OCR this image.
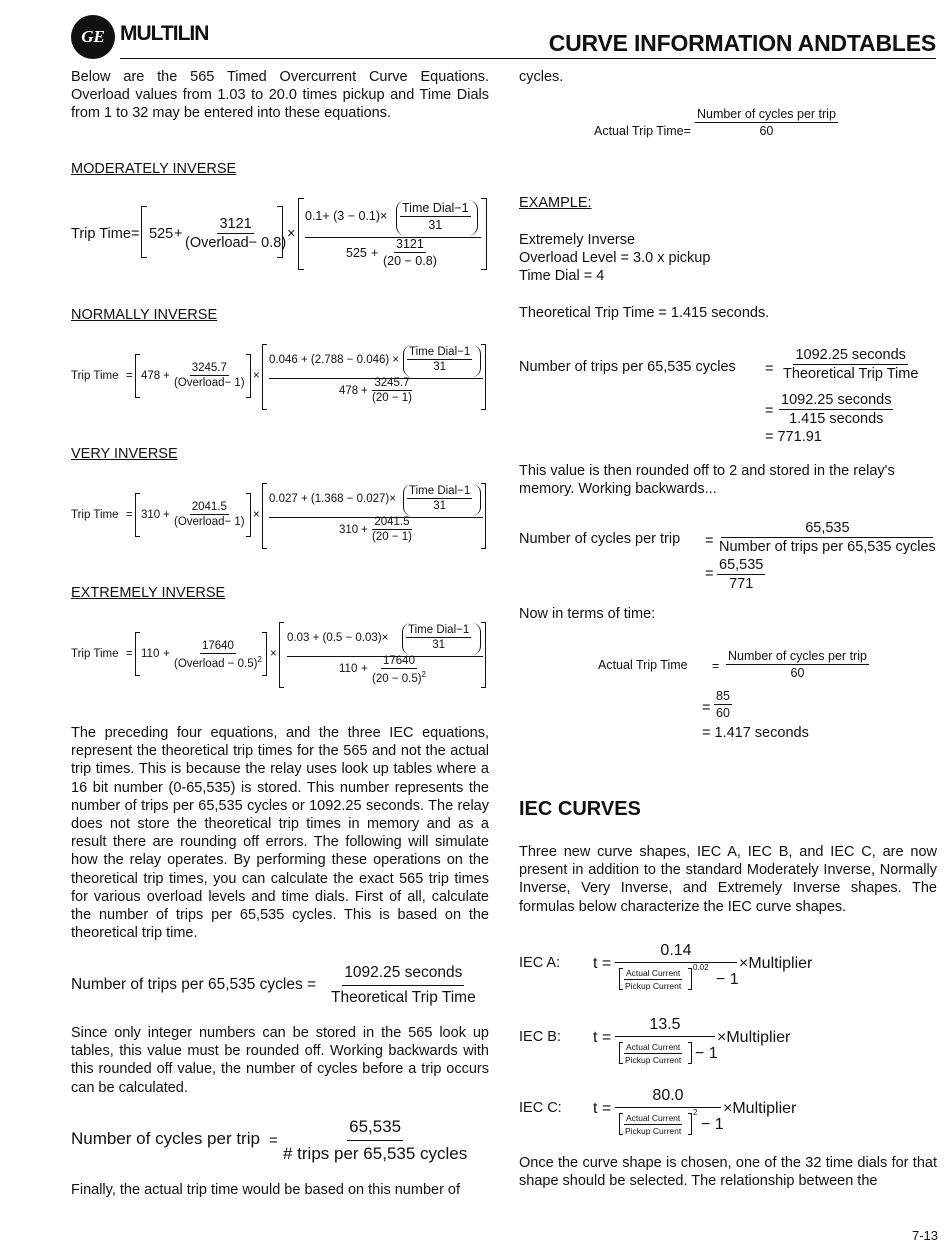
GE MULTILIN	CURVE INFORMATION ANDTABLES
Below are the 565 Timed Overcurrent Curve Equations. Overload values from 1.03 to 20.0 times pickup and Time Dials from 1 to 32 may be entered into these equations.
MODERATELY INVERSE
Trip Time = $525 + \frac{3121}{\text{(Overload− 0.8)}}$
×
0.1+ (3 − 0.1)×
Time Dial−1
31
$525 + \frac{3121}{(20 - 0.8)}$
NORMALLY INVERSE
Trip Time = $478 + \frac{3245.7}{\text{(Overload− 1)}}$ ×
0.046 + (2.788 − 0.046) ×
Time Dial−1
31
$478 + \frac{3245.7}{(20 - 1)}$
VERY INVERSE
Trip Time = $310 + \frac{2041.5}{\text{(Overload− 1)}}$ ×
0.027 + (1.368 − 0.027)×
Time Dial−1
31
$310 + \frac{2041.5}{(20 - 1)}$
EXTREMELY INVERSE
Trip Time = $110 + \frac{17640}{(Overload - 0.5)^2}$ ×
0.03 + (0.5 − 0.03)×
Time Dial−1
31
$110 + \frac{17640}{(20 - 0.5)^2}$
The preceding four equations, and the three IEC equations, represent the theoretical trip times for the 565 and not the actual trip times. This is because the relay uses look up tables where a 16 bit number (0-65,535) is stored. This number represents the number of trips per 65,535 cycles or 1092.25 seconds. The relay does not store the theoretical trip times in memory and as a result there are rounding off errors. The following will simulate how the relay operates. By performing these operations on the theoretical trip times, you can calculate the exact 565 trip times for various overload levels and time dials. First of all, calculate the number of trips per 65,535 cycles. This is based on the theoretical trip time.
Number of trips per 65,535 cycles = $\frac{\text{1092.25 seconds}}{\text{Theoretical Trip Time}}$
Since only integer numbers can be stored in the 565 look up tables, this value must be rounded off. Working backwards with this rounded off value, the number of cycles before a trip occurs can be calculated.
Number of cycles per trip = $\frac{65,535}{\text{\# trips per 65,535 cycles}}$
Finally, the actual trip time would be based on this number of
cycles.
Actual Trip Time= $\frac{\text{Number of cycles per trip}}{60}$
EXAMPLE:
Extremely Inverse
Overload Level = 3.0 x pickup
Time Dial = 4
Theoretical Trip Time = 1.415 seconds.
Number of trips per 65,535 cycles = $\frac{\text{1092.25 seconds}}{\text{Theoretical Trip Time}}$
= $\frac{\text{1092.25 seconds}}{\text{1.415 seconds}}$
= 771.91
This value is then rounded off to 2 and stored in the relay's memory. Working backwards...
Number of cycles per trip = $\frac{65,535}{\text{Number of trips per 65,535 cycles}}$
= $\frac{65,535}{771}$
Now in terms of time:
Actual Trip Time = $\frac{\text{Number of cycles per trip}}{60}$
= $\frac{85}{60}$
= 1.417 seconds
IEC CURVES
Three new curve shapes, IEC A, IEC B, and IEC C, are now present in addition to the standard Moderately Inverse, Normally Inverse, Very Inverse, and Extremely Inverse shapes. The formulas below characterize the IEC curve shapes.
IEC A: t =
0.14
$\frac{\text{Actual Current}}{\text{Pickup Current}}$
0.02
− 1
×Multiplier
IEC B: t =
13.5
$\frac{\text{Actual Current}}{\text{Pickup Current}} - 1$
×Multiplier
IEC C: t =
80.0
$\frac{\text{Actual Current}}{\text{Pickup Current}}$
2
− 1
×Multiplier
Once the curve shape is chosen, one of the 32 time dials for that shape should be selected. The relationship between the
7-13
